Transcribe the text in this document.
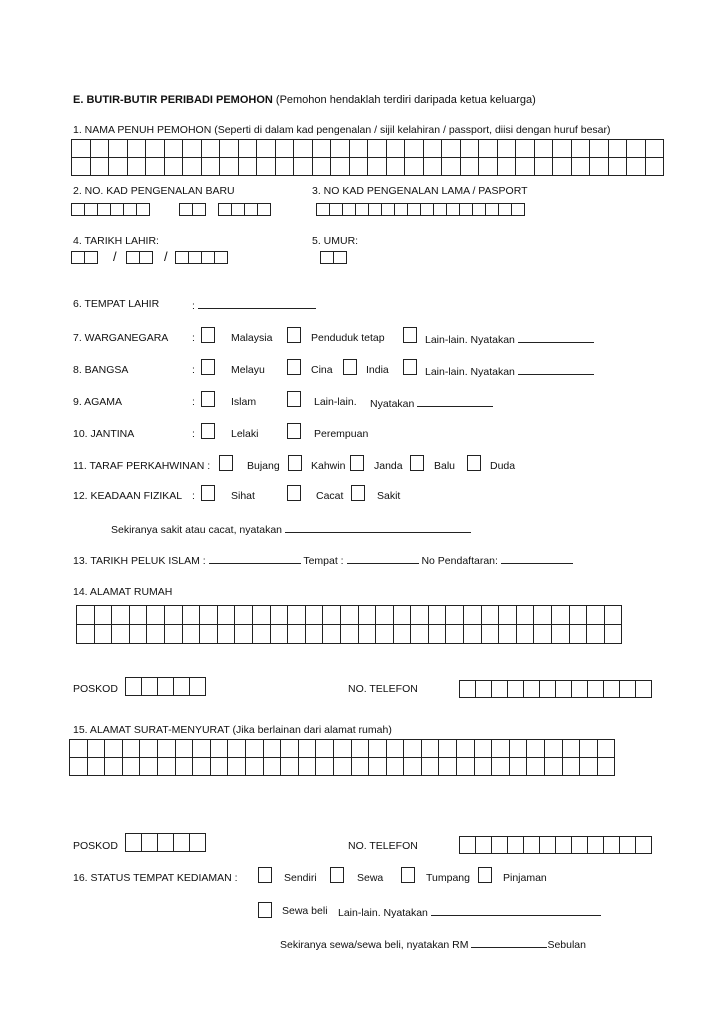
E. BUTIR-BUTIR PERIBADI PEMOHON (Pemohon hendaklah terdiri daripada ketua keluarga)
1. NAMA PENUH PEMOHON (Seperti di dalam kad pengenalan / sijil kelahiran / passport, diisi dengan huruf besar)

2. NO. KAD PENGENALAN BARU	3. NO KAD PENGENALAN LAMA / PASPORT
4. TARIKH LAHIR:	5. UMUR:
/	/
6. TEMPAT LAHIR	:
7. WARGANEGARA :	Malaysia	Penduduk tetap	Lain-lain. Nyatakan
8. BANGSA	:	Melayu	Cina	India	Lain-lain. Nyatakan
9. AGAMA	:	Islam	Lain-lain. Nyatakan
10. JANTINA	:	Lelaki	Perempuan
11. TARAF PERKAHWINAN :	Bujang	Kahwin	Janda	Balu	Duda
12. KEADAAN FIZIKAL :	Sihat	Cacat	Sakit
Sekiranya sakit atau cacat, nyatakan
13. TARIKH PELUK ISLAM :	Tempat :	No Pendaftaran:
14. ALAMAT RUMAH

POSKOD	NO. TELEFON
15. ALAMAT SURAT-MENYURAT (Jika berlainan dari alamat rumah)

POSKOD	NO. TELEFON
16. STATUS TEMPAT KEDIAMAN :	Sendiri	Sewa	Tumpang	Pinjaman
Sewa beli Lain-lain. Nyatakan
Sekiranya sewa/sewa beli, nyatakan RM	Sebulan
